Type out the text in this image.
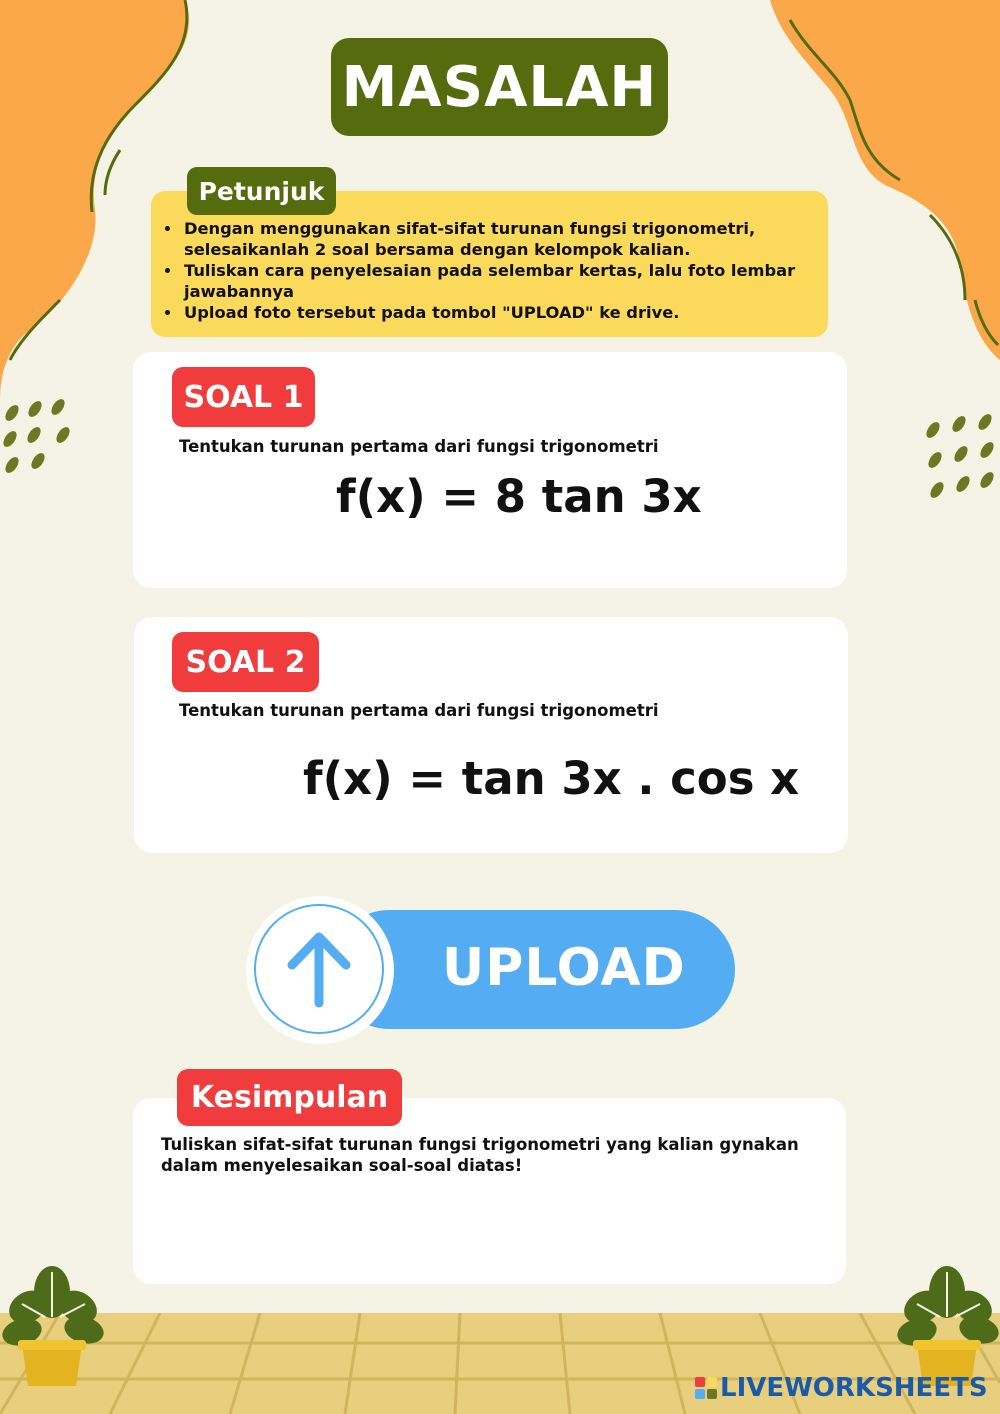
MASALAH
Petunjuk
• Dengan menggunakan sifat-sifat turunan fungsi trigonometri, selesaikanlah 2 soal bersama dengan kelompok kalian.
• Tuliskan cara penyelesaian pada selembar kertas, lalu foto lembar jawabannya
• Upload foto tersebut pada tombol "UPLOAD" ke drive.
SOAL 1
Tentukan turunan pertama dari fungsi trigonometri
f(x) = 8 tan 3x
SOAL 2
Tentukan turunan pertama dari fungsi trigonometri
f(x) = tan 3x . cos x
UPLOAD
Kesimpulan
Tuliskan sifat-sifat turunan fungsi trigonometri yang kalian gynakan dalam menyelesaikan soal-soal diatas!
LIVEWORKSHEETS
